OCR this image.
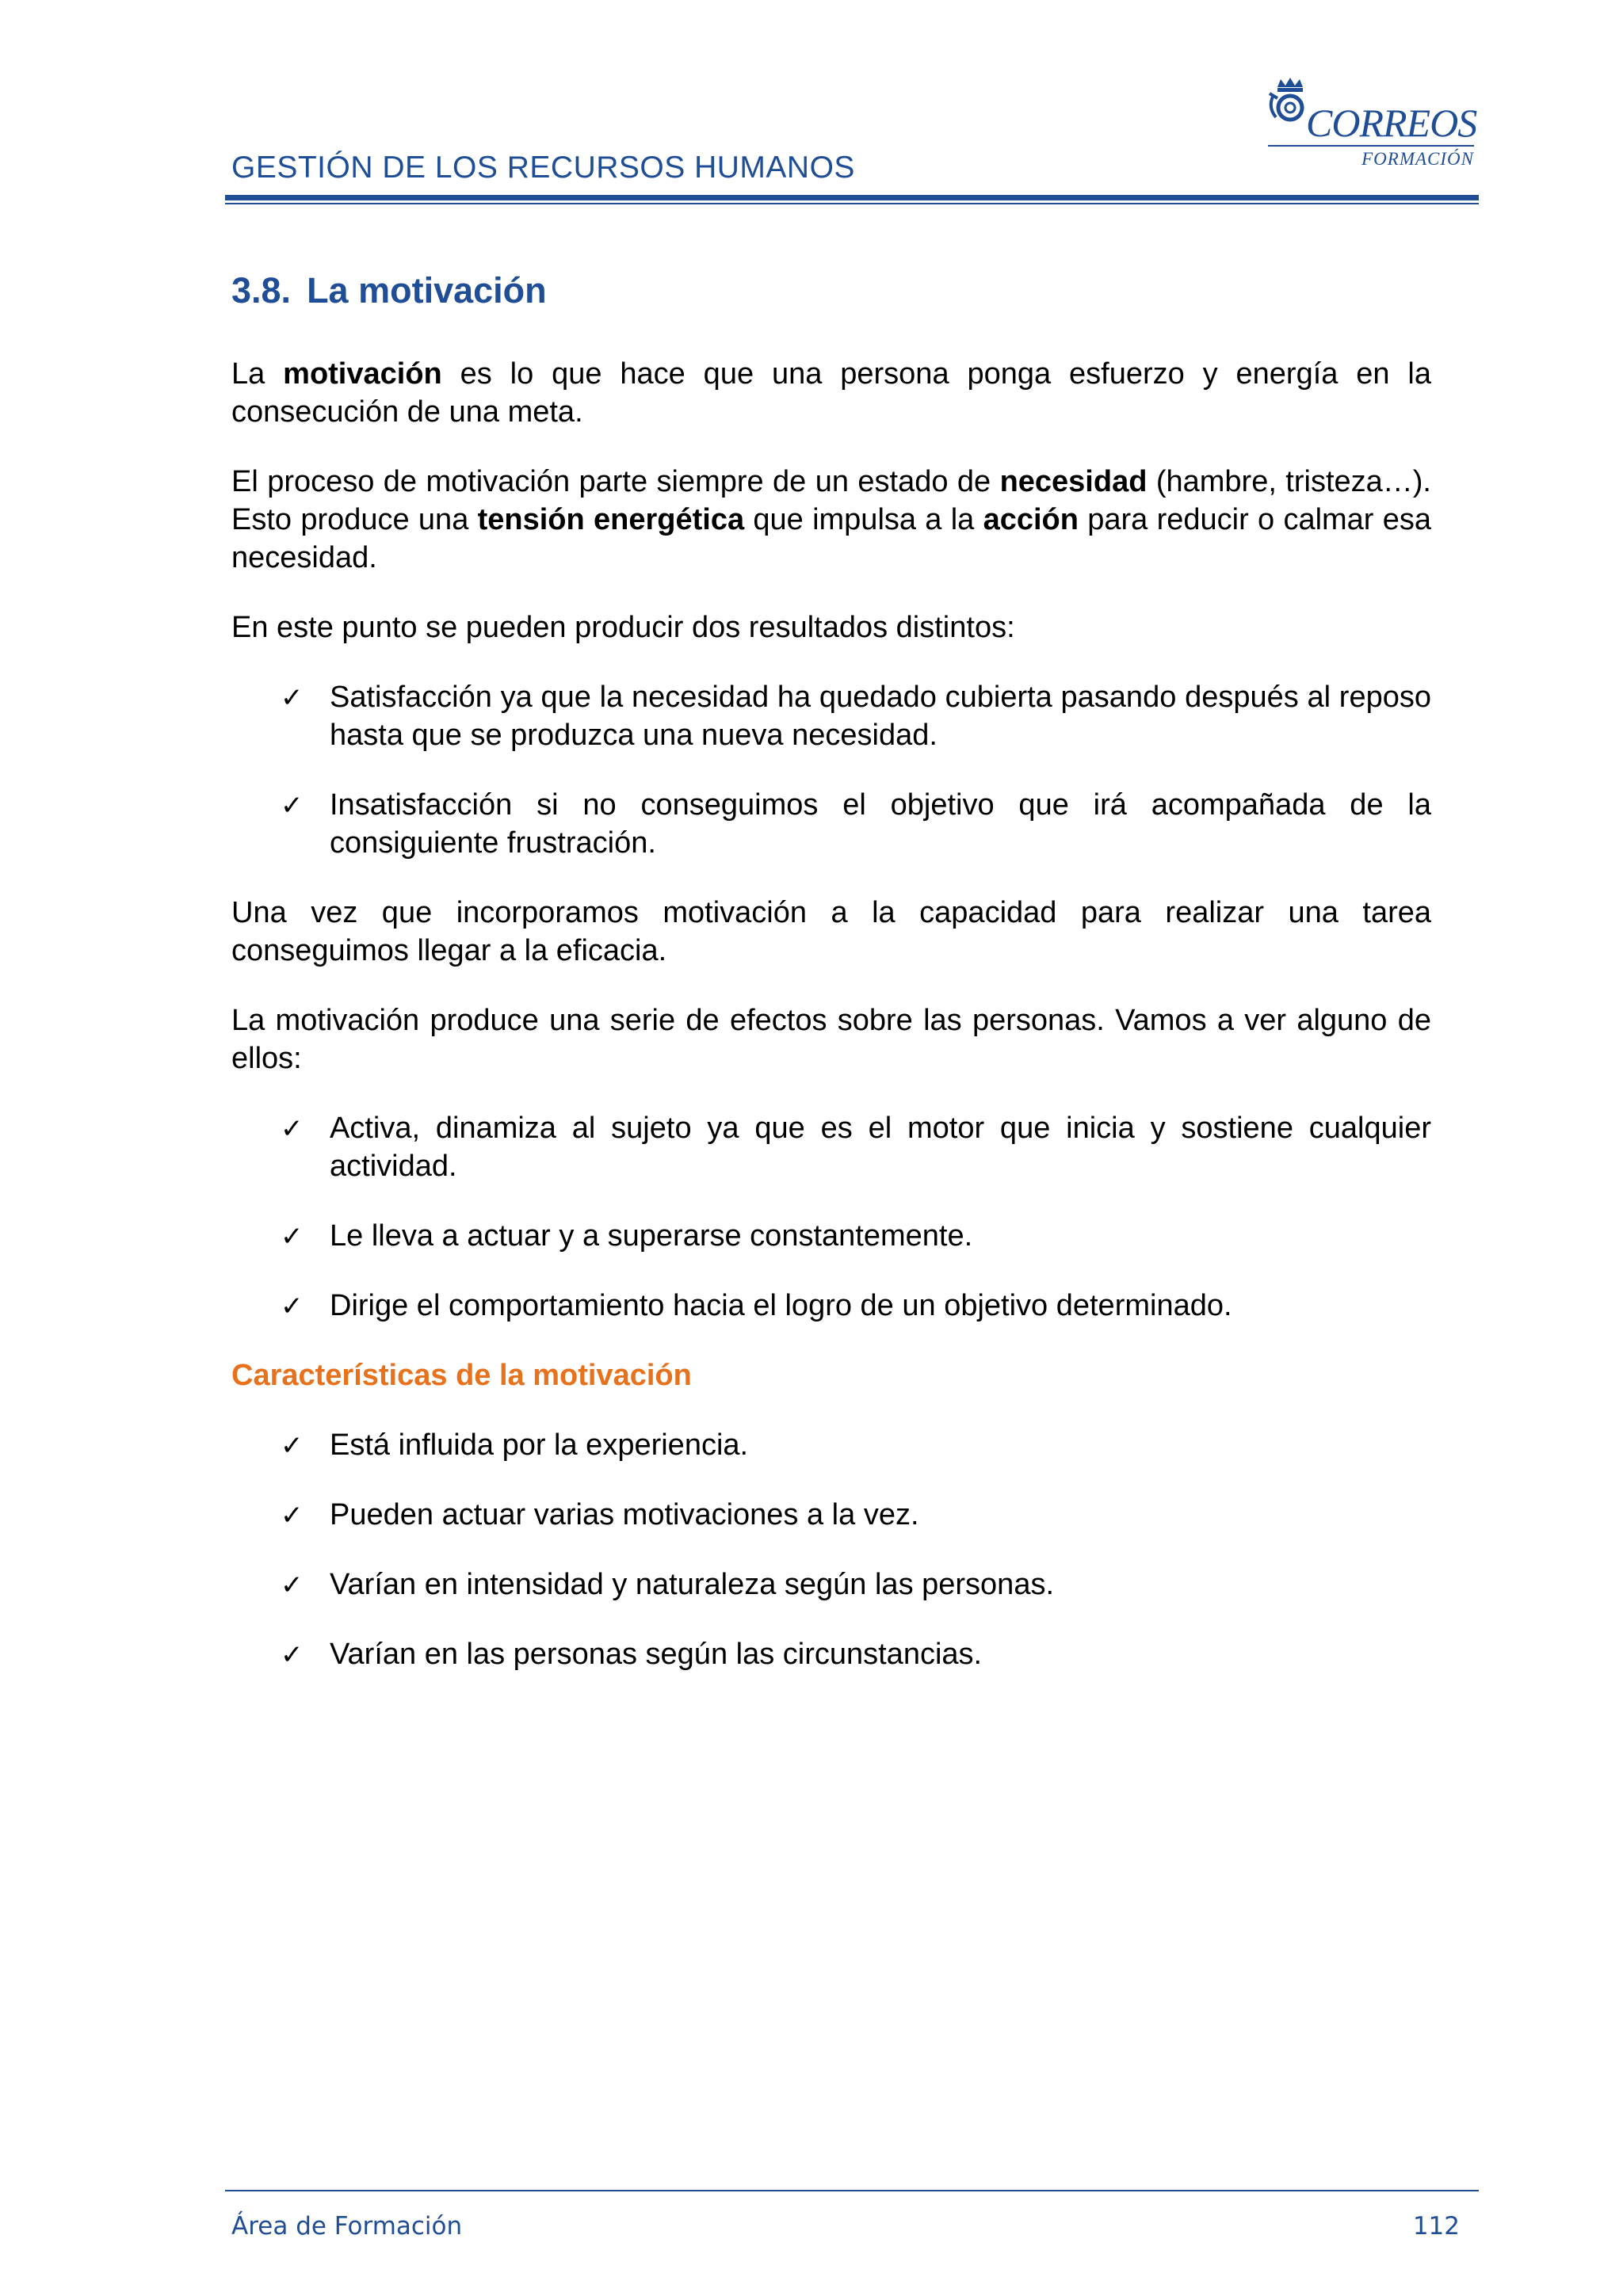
GESTIÓN DE LOS RECURSOS HUMANOS
CORREOS
FORMACIÓN
3.8. La motivación

La motivación es lo que hace que una persona ponga esfuerzo y energía en la consecución de una meta.

El proceso de motivación parte siempre de un estado de necesidad (hambre, tristeza…). Esto produce una tensión energética que impulsa a la acción para reducir o calmar esa necesidad.

En este punto se pueden producir dos resultados distintos:

✓ Satisfacción ya que la necesidad ha quedado cubierta pasando después al reposo hasta que se produzca una nueva necesidad.
✓ Insatisfacción si no conseguimos el objetivo que irá acompañada de la consiguiente frustración.

Una vez que incorporamos motivación a la capacidad para realizar una tarea conseguimos llegar a la eficacia.

La motivación produce una serie de efectos sobre las personas. Vamos a ver alguno de ellos:

✓ Activa, dinamiza al sujeto ya que es el motor que inicia y sostiene cualquier actividad.
✓ Le lleva a actuar y a superarse constantemente.
✓ Dirige el comportamiento hacia el logro de un objetivo determinado.
Características de la motivación
✓ Está influida por la experiencia.
✓ Pueden actuar varias motivaciones a la vez.
✓ Varían en intensidad y naturaleza según las personas.
✓ Varían en las personas según las circunstancias.
Área de Formación	112
